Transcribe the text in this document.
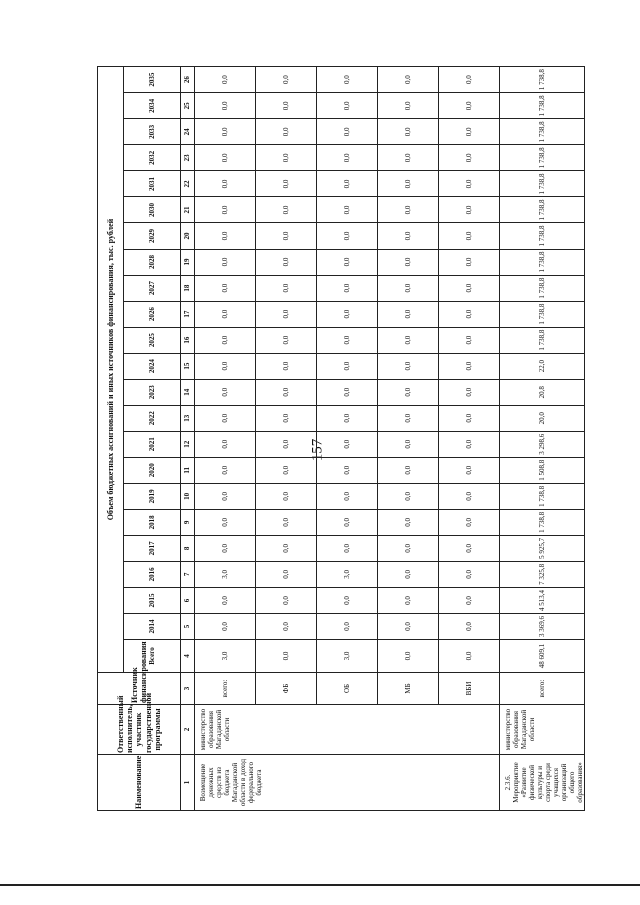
157
Наименование	Ответственный исполнитель, участник государственной программы	Источник финансирования	Объем бюджетных ассигнований и иных источников финансирования, тыс. рублей																						
			Всего	2014	2015	2016	2017	2018	2019	2020	2021	2022	2023	2024	2025	2026	2027	2028	2029	2030	2031	2032	2033	2034	2035
1	2	3	4	5	6	7	8	9	10	11	12	13	14	15	16	17	18	19	20	21	22	23	24	25	26
Возмещение денежных средств из бюджета Магаданской области в доход федерального бюджета	министерство образования Магаданской области	всего:	3,0	0,0	0,0	3,0	0,0	0,0	0,0	0,0	0,0	0,0	0,0	0,0	0,0	0,0	0,0	0,0	0,0	0,0	0,0	0,0	0,0	0,0	0,0
		ФБ	0,0	0,0	0,0	0,0	0,0	0,0	0,0	0,0	0,0	0,0	0,0	0,0	0,0	0,0	0,0	0,0	0,0	0,0	0,0	0,0	0,0	0,0	0,0
		ОБ	3,0	0,0	0,0	3,0	0,0	0,0	0,0	0,0	0,0	0,0	0,0	0,0	0,0	0,0	0,0	0,0	0,0	0,0	0,0	0,0	0,0	0,0	0,0
		МБ	0,0	0,0	0,0	0,0	0,0	0,0	0,0	0,0	0,0	0,0	0,0	0,0	0,0	0,0	0,0	0,0	0,0	0,0	0,0	0,0	0,0	0,0	0,0
		ВБИ	0,0	0,0	0,0	0,0	0,0	0,0	0,0	0,0	0,0	0,0	0,0	0,0	0,0	0,0	0,0	0,0	0,0	0,0	0,0	0,0	0,0	0,0	0,0
2.3.6. Мероприятие «Развитие физической культуры и спорта среди учащихся организаций общего образования»	министерство образования Магаданской области	всего:	48 609,1	3 369,6	4 513,4	7 325,8	5 925,7	1 738,8	1 738,8	1 508,8	3 298,6	20,0	20,8	22,0	1 738,8	1 738,8	1 738,8	1 738,8	1 738,8	1 738,8	1 738,8	1 738,8	1 738,8	1 738,8	1 738,8
